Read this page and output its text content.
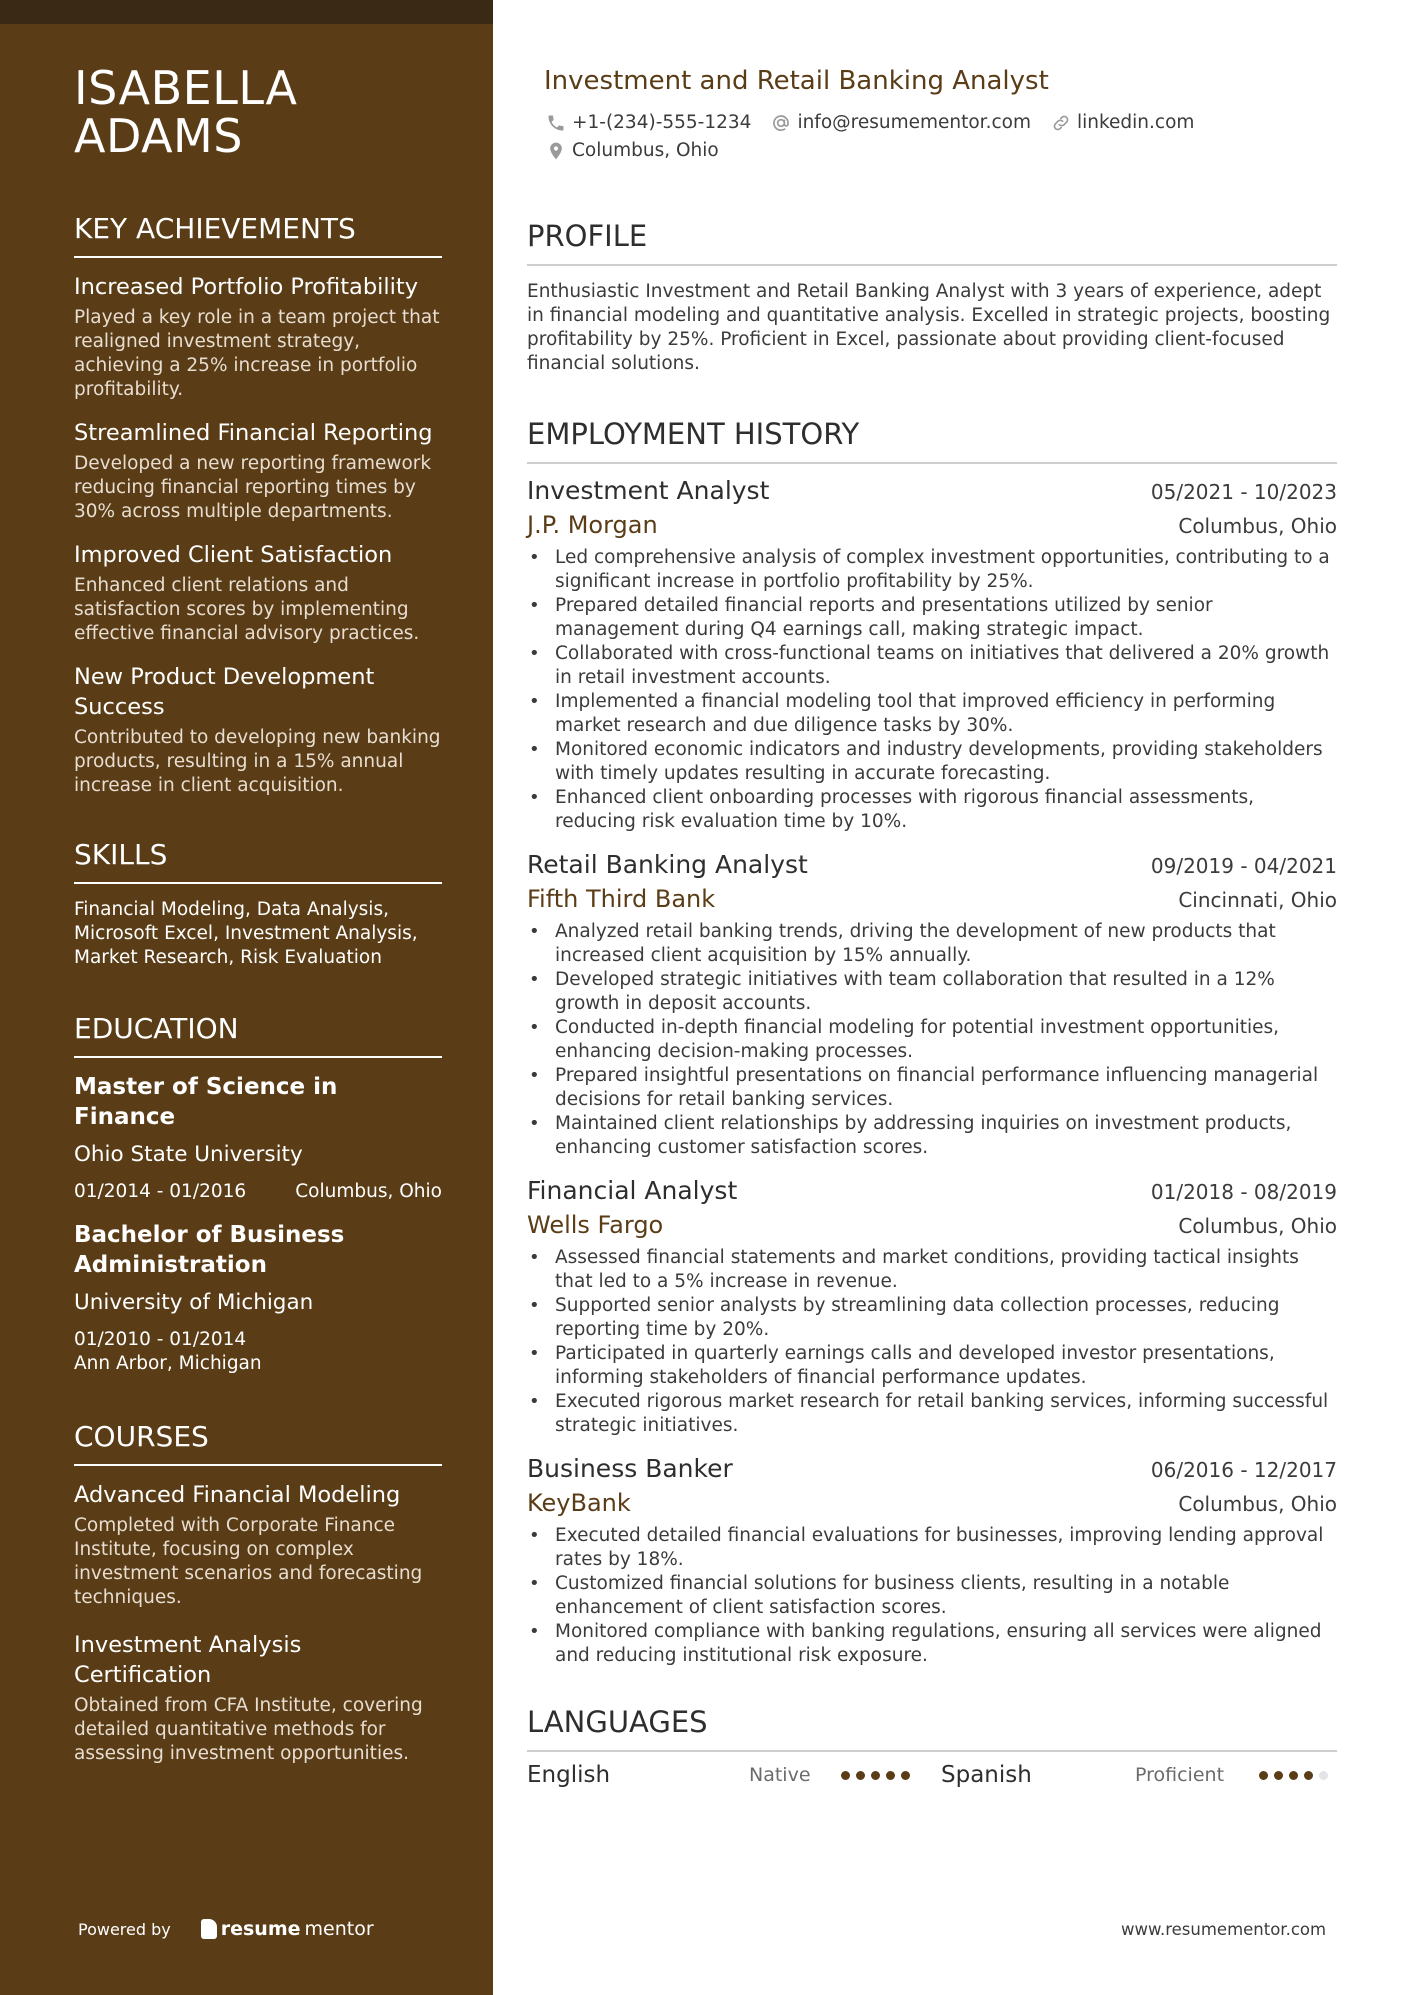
ISABELLA
ADAMS
KEY ACHIEVEMENTS
Increased Portfolio Profitability
Played a key role in a team project that realigned investment strategy, achieving a 25% increase in portfolio profitability.
Streamlined Financial Reporting
Developed a new reporting framework reducing financial reporting times by 30% across multiple departments.
Improved Client Satisfaction
Enhanced client relations and satisfaction scores by implementing effective financial advisory practices.
New Product Development Success
Contributed to developing new banking products, resulting in a 15% annual increase in client acquisition.
SKILLS
Financial Modeling, Data Analysis, Microsoft Excel, Investment Analysis, Market Research, Risk Evaluation
EDUCATION
Master of Science in Finance
Ohio State University
01/2014 - 01/2016	Columbus, Ohio
Bachelor of Business Administration
University of Michigan
01/2010 - 01/2014
Ann Arbor, Michigan
COURSES
Advanced Financial Modeling
Completed with Corporate Finance Institute, focusing on complex investment scenarios and forecasting techniques.
Investment Analysis Certification
Obtained from CFA Institute, covering detailed quantitative methods for assessing investment opportunities.
Powered by	resume mentor
Investment and Retail Banking Analyst
+1-(234)-555-1234 info@resumementor.com linkedin.com
Columbus, Ohio
PROFILE
Enthusiastic Investment and Retail Banking Analyst with 3 years of experience, adept in financial modeling and quantitative analysis. Excelled in strategic projects, boosting profitability by 25%. Proficient in Excel, passionate about providing client-focused financial solutions.
EMPLOYMENT HISTORY
Investment Analyst	05/2021 - 10/2023
J.P. Morgan	Columbus, Ohio
• Led comprehensive analysis of complex investment opportunities, contributing to a significant increase in portfolio profitability by 25%.
• Prepared detailed financial reports and presentations utilized by senior management during Q4 earnings call, making strategic impact.
• Collaborated with cross-functional teams on initiatives that delivered a 20% growth in retail investment accounts.
• Implemented a financial modeling tool that improved efficiency in performing market research and due diligence tasks by 30%.
• Monitored economic indicators and industry developments, providing stakeholders with timely updates resulting in accurate forecasting.
• Enhanced client onboarding processes with rigorous financial assessments, reducing risk evaluation time by 10%.
Retail Banking Analyst	09/2019 - 04/2021
Fifth Third Bank	Cincinnati, Ohio
• Analyzed retail banking trends, driving the development of new products that increased client acquisition by 15% annually.
• Developed strategic initiatives with team collaboration that resulted in a 12% growth in deposit accounts.
• Conducted in-depth financial modeling for potential investment opportunities, enhancing decision-making processes.
• Prepared insightful presentations on financial performance influencing managerial decisions for retail banking services.
• Maintained client relationships by addressing inquiries on investment products, enhancing customer satisfaction scores.
Financial Analyst	01/2018 - 08/2019
Wells Fargo	Columbus, Ohio
• Assessed financial statements and market conditions, providing tactical insights that led to a 5% increase in revenue.
• Supported senior analysts by streamlining data collection processes, reducing reporting time by 20%.
• Participated in quarterly earnings calls and developed investor presentations, informing stakeholders of financial performance updates.
• Executed rigorous market research for retail banking services, informing successful strategic initiatives.
Business Banker	06/2016 - 12/2017
KeyBank	Columbus, Ohio
• Executed detailed financial evaluations for businesses, improving lending approval rates by 18%.
• Customized financial solutions for business clients, resulting in a notable enhancement of client satisfaction scores.
• Monitored compliance with banking regulations, ensuring all services were aligned and reducing institutional risk exposure.
LANGUAGES
English	Native	Spanish	Proficient
www.resumementor.com
